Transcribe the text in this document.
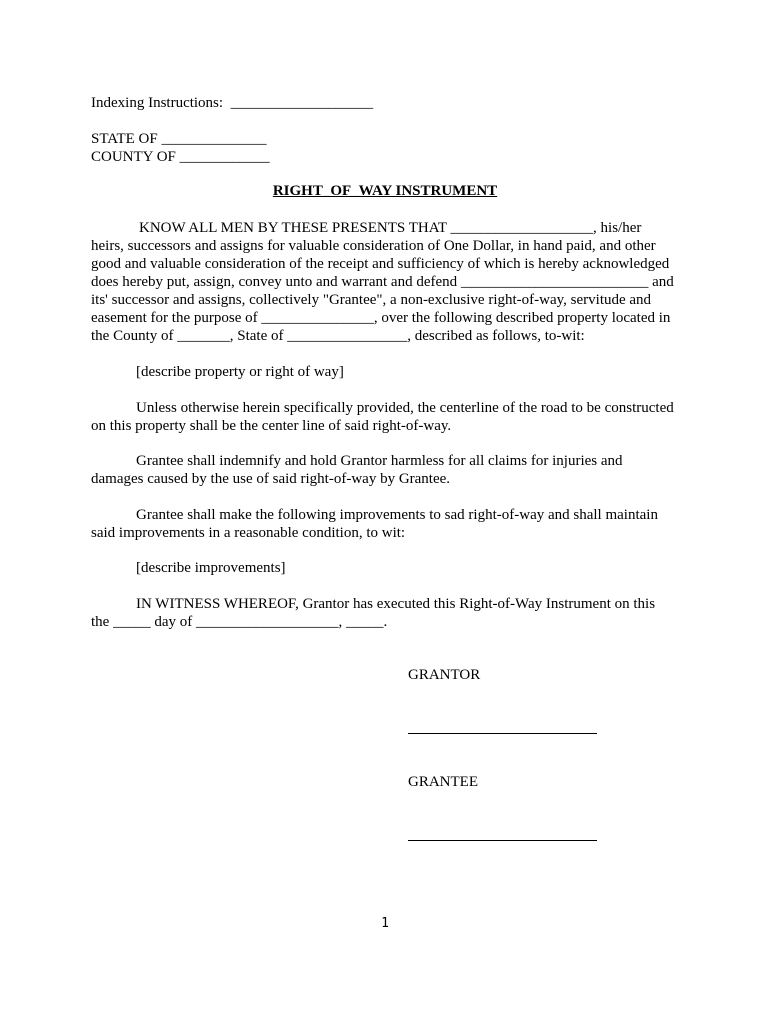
Indexing Instructions:  ___________________
STATE OF ______________
COUNTY OF ____________
RIGHT_OF_WAY INSTRUMENT
KNOW ALL MEN BY THESE PRESENTS THAT ___________________, his/her
heirs, successors and assigns for valuable consideration of One Dollar, in hand paid, and other
good and valuable consideration of the receipt and sufficiency of which is hereby acknowledged
does hereby put, assign, convey unto and warrant and defend _________________________ and
its' successor and assigns, collectively "Grantee", a non-exclusive right-of-way, servitude and
easement for the purpose of _______________, over the following described property located in
the County of _______, State of ________________, described as follows, to-wit:
[describe property or right of way]
Unless otherwise herein specifically provided, the centerline of the road to be constructed
on this property shall be the center line of said right-of-way.
Grantee shall indemnify and hold Grantor harmless for all claims for injuries and
damages caused by the use of said right-of-way by Grantee.
Grantee shall make the following improvements to sad right-of-way and shall maintain
said improvements in a reasonable condition, to wit:
[describe improvements]
IN WITNESS WHEREOF, Grantor has executed this Right-of-Way Instrument on this
the _____ day of ___________________, _____.
GRANTOR
GRANTEE
1
